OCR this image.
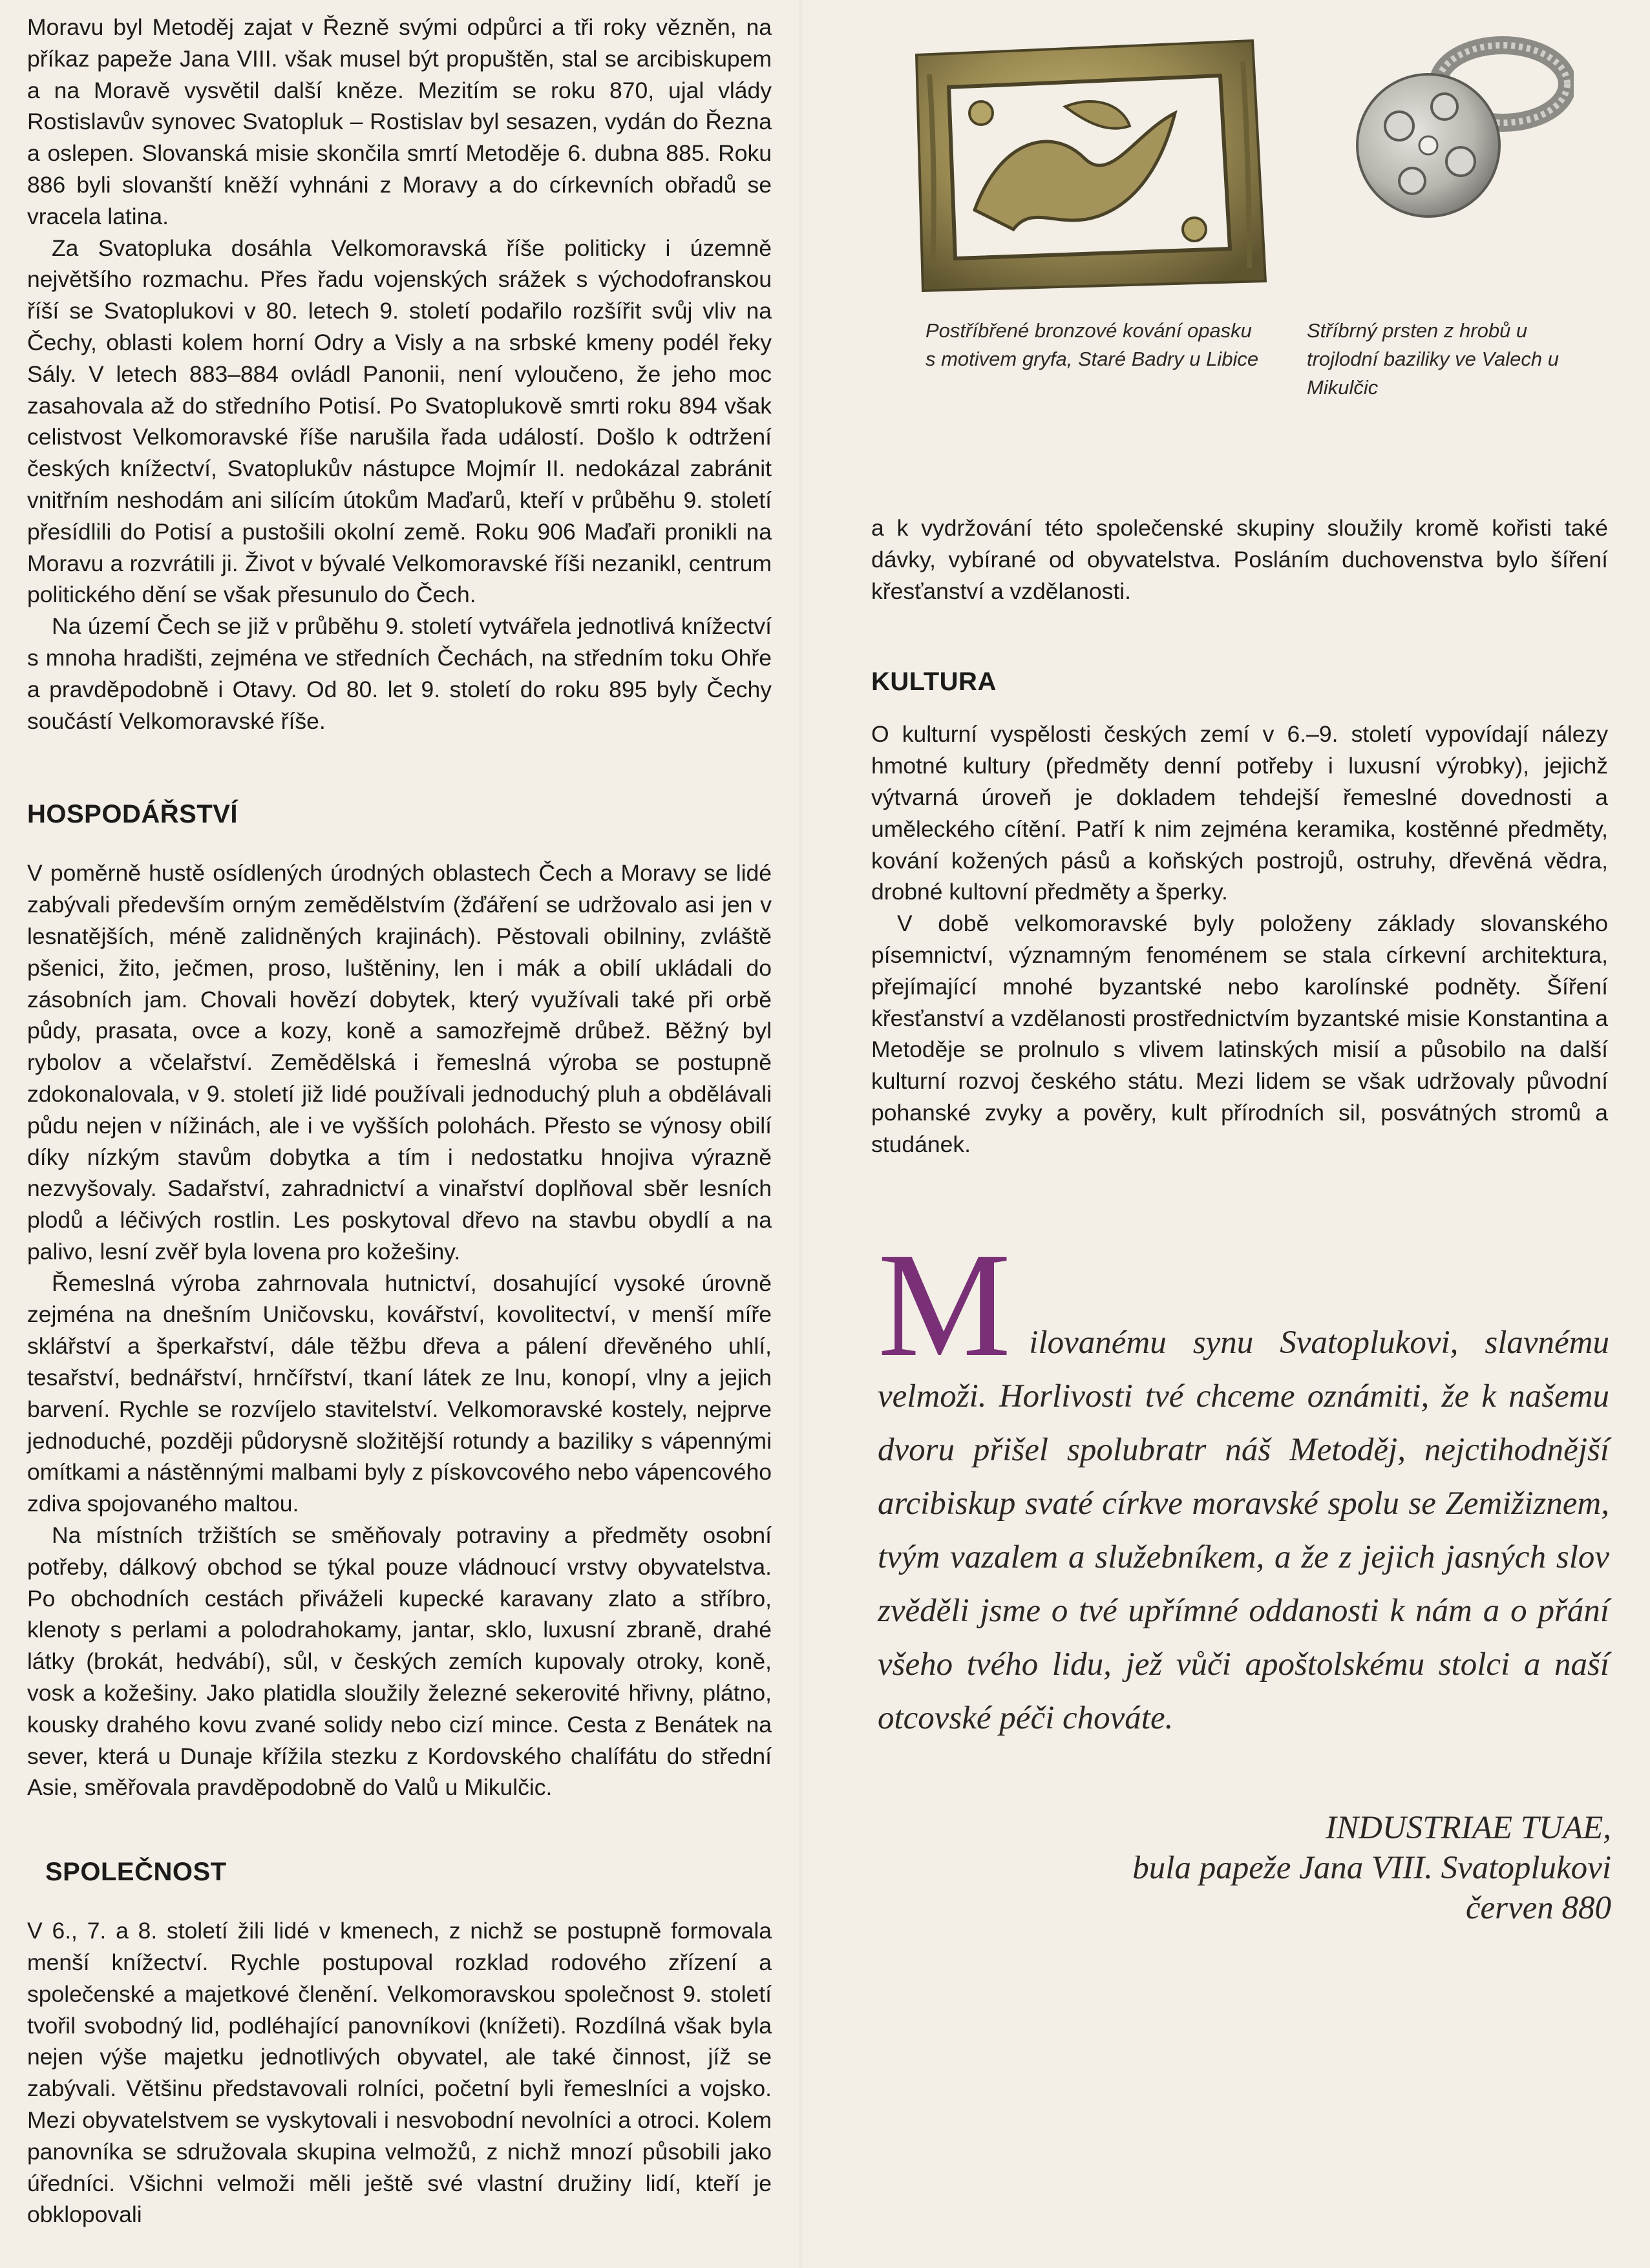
Moravu byl Metoděj zajat v Řezně svými odpůrci a tři roky vězněn, na příkaz papeže Jana VIII. však musel být propuštěn, stal se arcibiskupem a na Moravě vysvětil další kněze. Mezitím se roku 870, ujal vlády Rostislavův synovec Svatopluk – Rostislav byl sesazen, vydán do Řezna a oslepen. Slovanská misie skončila smrtí Metoděje 6. dubna 885. Roku 886 byli slovanští kněží vyhnáni z Moravy a do církevních obřadů se vracela latina.

Za Svatopluka dosáhla Velkomoravská říše politicky i územně největšího rozmachu. Přes řadu vojenských srážek s východofranskou říší se Svatoplukovi v 80. letech 9. století podařilo rozšířit svůj vliv na Čechy, oblasti kolem horní Odry a Visly a na srbské kmeny podél řeky Sály. V letech 883–884 ovládl Panonii, není vyloučeno, že jeho moc zasahovala až do středního Potisí. Po Svatoplukově smrti roku 894 však celistvost Velkomoravské říše narušila řada událostí. Došlo k odtržení českých knížectví, Svatoplukův nástupce Mojmír II. nedokázal zabránit vnitřním neshodám ani silícím útokům Maďarů, kteří v průběhu 9. století přesídlili do Potisí a pustošili okolní země. Roku 906 Maďaři pronikli na Moravu a rozvrátili ji. Život v bývalé Velkomoravské říši nezanikl, centrum politického dění se však přesunulo do Čech.

Na území Čech se již v průběhu 9. století vytvářela jednotlivá knížectví s mnoha hradišti, zejména ve středních Čechách, na středním toku Ohře a pravděpodobně i Otavy. Od 80. let 9. století do roku 895 byly Čechy součástí Velkomoravské říše.

HOSPODÁŘSTVÍ

V poměrně hustě osídlených úrodných oblastech Čech a Moravy se lidé zabývali především orným zemědělstvím (žďáření se udržovalo asi jen v lesnatějších, méně zalidněných krajinách). Pěstovali obilniny, zvláště pšenici, žito, ječmen, proso, luštěniny, len i mák a obilí ukládali do zásobních jam. Chovali hovězí dobytek, který využívali také při orbě půdy, prasata, ovce a kozy, koně a samozřejmě drůbež. Běžný byl rybolov a včelařství. Zemědělská i řemeslná výroba se postupně zdokonalovala, v 9. století již lidé používali jednoduchý pluh a obdělávali půdu nejen v nížinách, ale i ve vyšších polohách. Přesto se výnosy obilí díky nízkým stavům dobytka a tím i nedostatku hnojiva výrazně nezvyšovaly. Sadařství, zahradnictví a vinařství doplňoval sběr lesních plodů a léčivých rostlin. Les poskytoval dřevo na stavbu obydlí a na palivo, lesní zvěř byla lovena pro kožešiny.

Řemeslná výroba zahrnovala hutnictví, dosahující vysoké úrovně zejména na dnešním Uničovsku, kovářství, kovolitectví, v menší míře sklářství a šperkařství, dále těžbu dřeva a pálení dřevěného uhlí, tesařství, bednářství, hrnčířství, tkaní látek ze lnu, konopí, vlny a jejich barvení. Rychle se rozvíjelo stavitelství. Velkomoravské kostely, nejprve jednoduché, později půdorysně složitější rotundy a baziliky s vápennými omítkami a nástěnnými malbami byly z pískovcového nebo vápencového zdiva spojovaného maltou.

Na místních tržištích se směňovaly potraviny a předměty osobní potřeby, dálkový obchod se týkal pouze vládnoucí vrstvy obyvatelstva. Po obchodních cestách přiváželi kupecké karavany zlato a stříbro, klenoty s perlami a polodrahokamy, jantar, sklo, luxusní zbraně, drahé látky (brokát, hedvábí), sůl, v českých zemích kupovaly otroky, koně, vosk a kožešiny. Jako platidla sloužily železné sekerovité hřivny, plátno, kousky drahého kovu zvané solidy nebo cizí mince. Cesta z Benátek na sever, která u Dunaje křížila stezku z Kordovského chalífátu do střední Asie, směřovala pravděpodobně do Valů u Mikulčic.

SPOLEČNOST

V 6., 7. a 8. století žili lidé v kmenech, z nichž se postupně formovala menší knížectví. Rychle postupoval rozklad rodového zřízení a společenské a majetkové členění. Velkomoravskou společnost 9. století tvořil svobodný lid, podléhající panovníkovi (knížeti). Rozdílná však byla nejen výše majetku jednotlivých obyvatel, ale také činnost, jíž se zabývali. Většinu představovali rolníci, početní byli řemeslníci a vojsko. Mezi obyvatelstvem se vyskytovali i nesvobodní nevolníci a otroci. Kolem panovníka se sdružovala skupina velmožů, z nichž mnozí působili jako úředníci. Všichni velmoži měli ještě své vlastní družiny lidí, kteří je obklopovali

Postříbřené bronzové kování opasku s motivem gryfa, Staré Badry u Libice
Stříbrný prsten z hrobů u trojlodní baziliky ve Valech u Mikulčic

a k vydržování této společenské skupiny sloužily kromě kořisti také dávky, vybírané od obyvatelstva. Posláním duchovenstva bylo šíření křesťanství a vzdělanosti.

KULTURA

O kulturní vyspělosti českých zemí v 6.–9. století vypovídají nálezy hmotné kultury (předměty denní potřeby i luxusní výrobky), jejichž výtvarná úroveň je dokladem tehdejší řemeslné dovednosti a uměleckého cítění. Patří k nim zejména keramika, kostěnné předměty, kování kožených pásů a koňských postrojů, ostruhy, dřevěná vědra, drobné kultovní předměty a šperky.

V době velkomoravské byly položeny základy slovanského písemnictví, významným fenoménem se stala církevní architektura, přejímající mnohé byzantské nebo karolínské podněty. Šíření křesťanství a vzdělanosti prostřednictvím byzantské misie Konstantina a Metoděje se prolnulo s vlivem latinských misií a působilo na další kulturní rozvoj českého státu. Mezi lidem se však udržovaly původní pohanské zvyky a pověry, kult přírodních sil, posvátných stromů a studánek.

M ilovanému synu Svatoplukovi, slavnému velmoži. Horlivosti tvé chceme oznámiti, že k našemu dvoru přišel spolubratr náš Metoděj, nejctihodnější arcibiskup svaté církve moravské spolu se Zemižiznem, tvým vazalem a služebníkem, a že z jejich jasných slov zvěděli jsme o tvé upřímné oddanosti k nám a o přání všeho tvého lidu, jež vůči apoštolskému stolci a naší otcovské péči chováte.
INDUSTRIAE TUAE,
bula papeže Jana VIII. Svatoplukovi
červen 880
